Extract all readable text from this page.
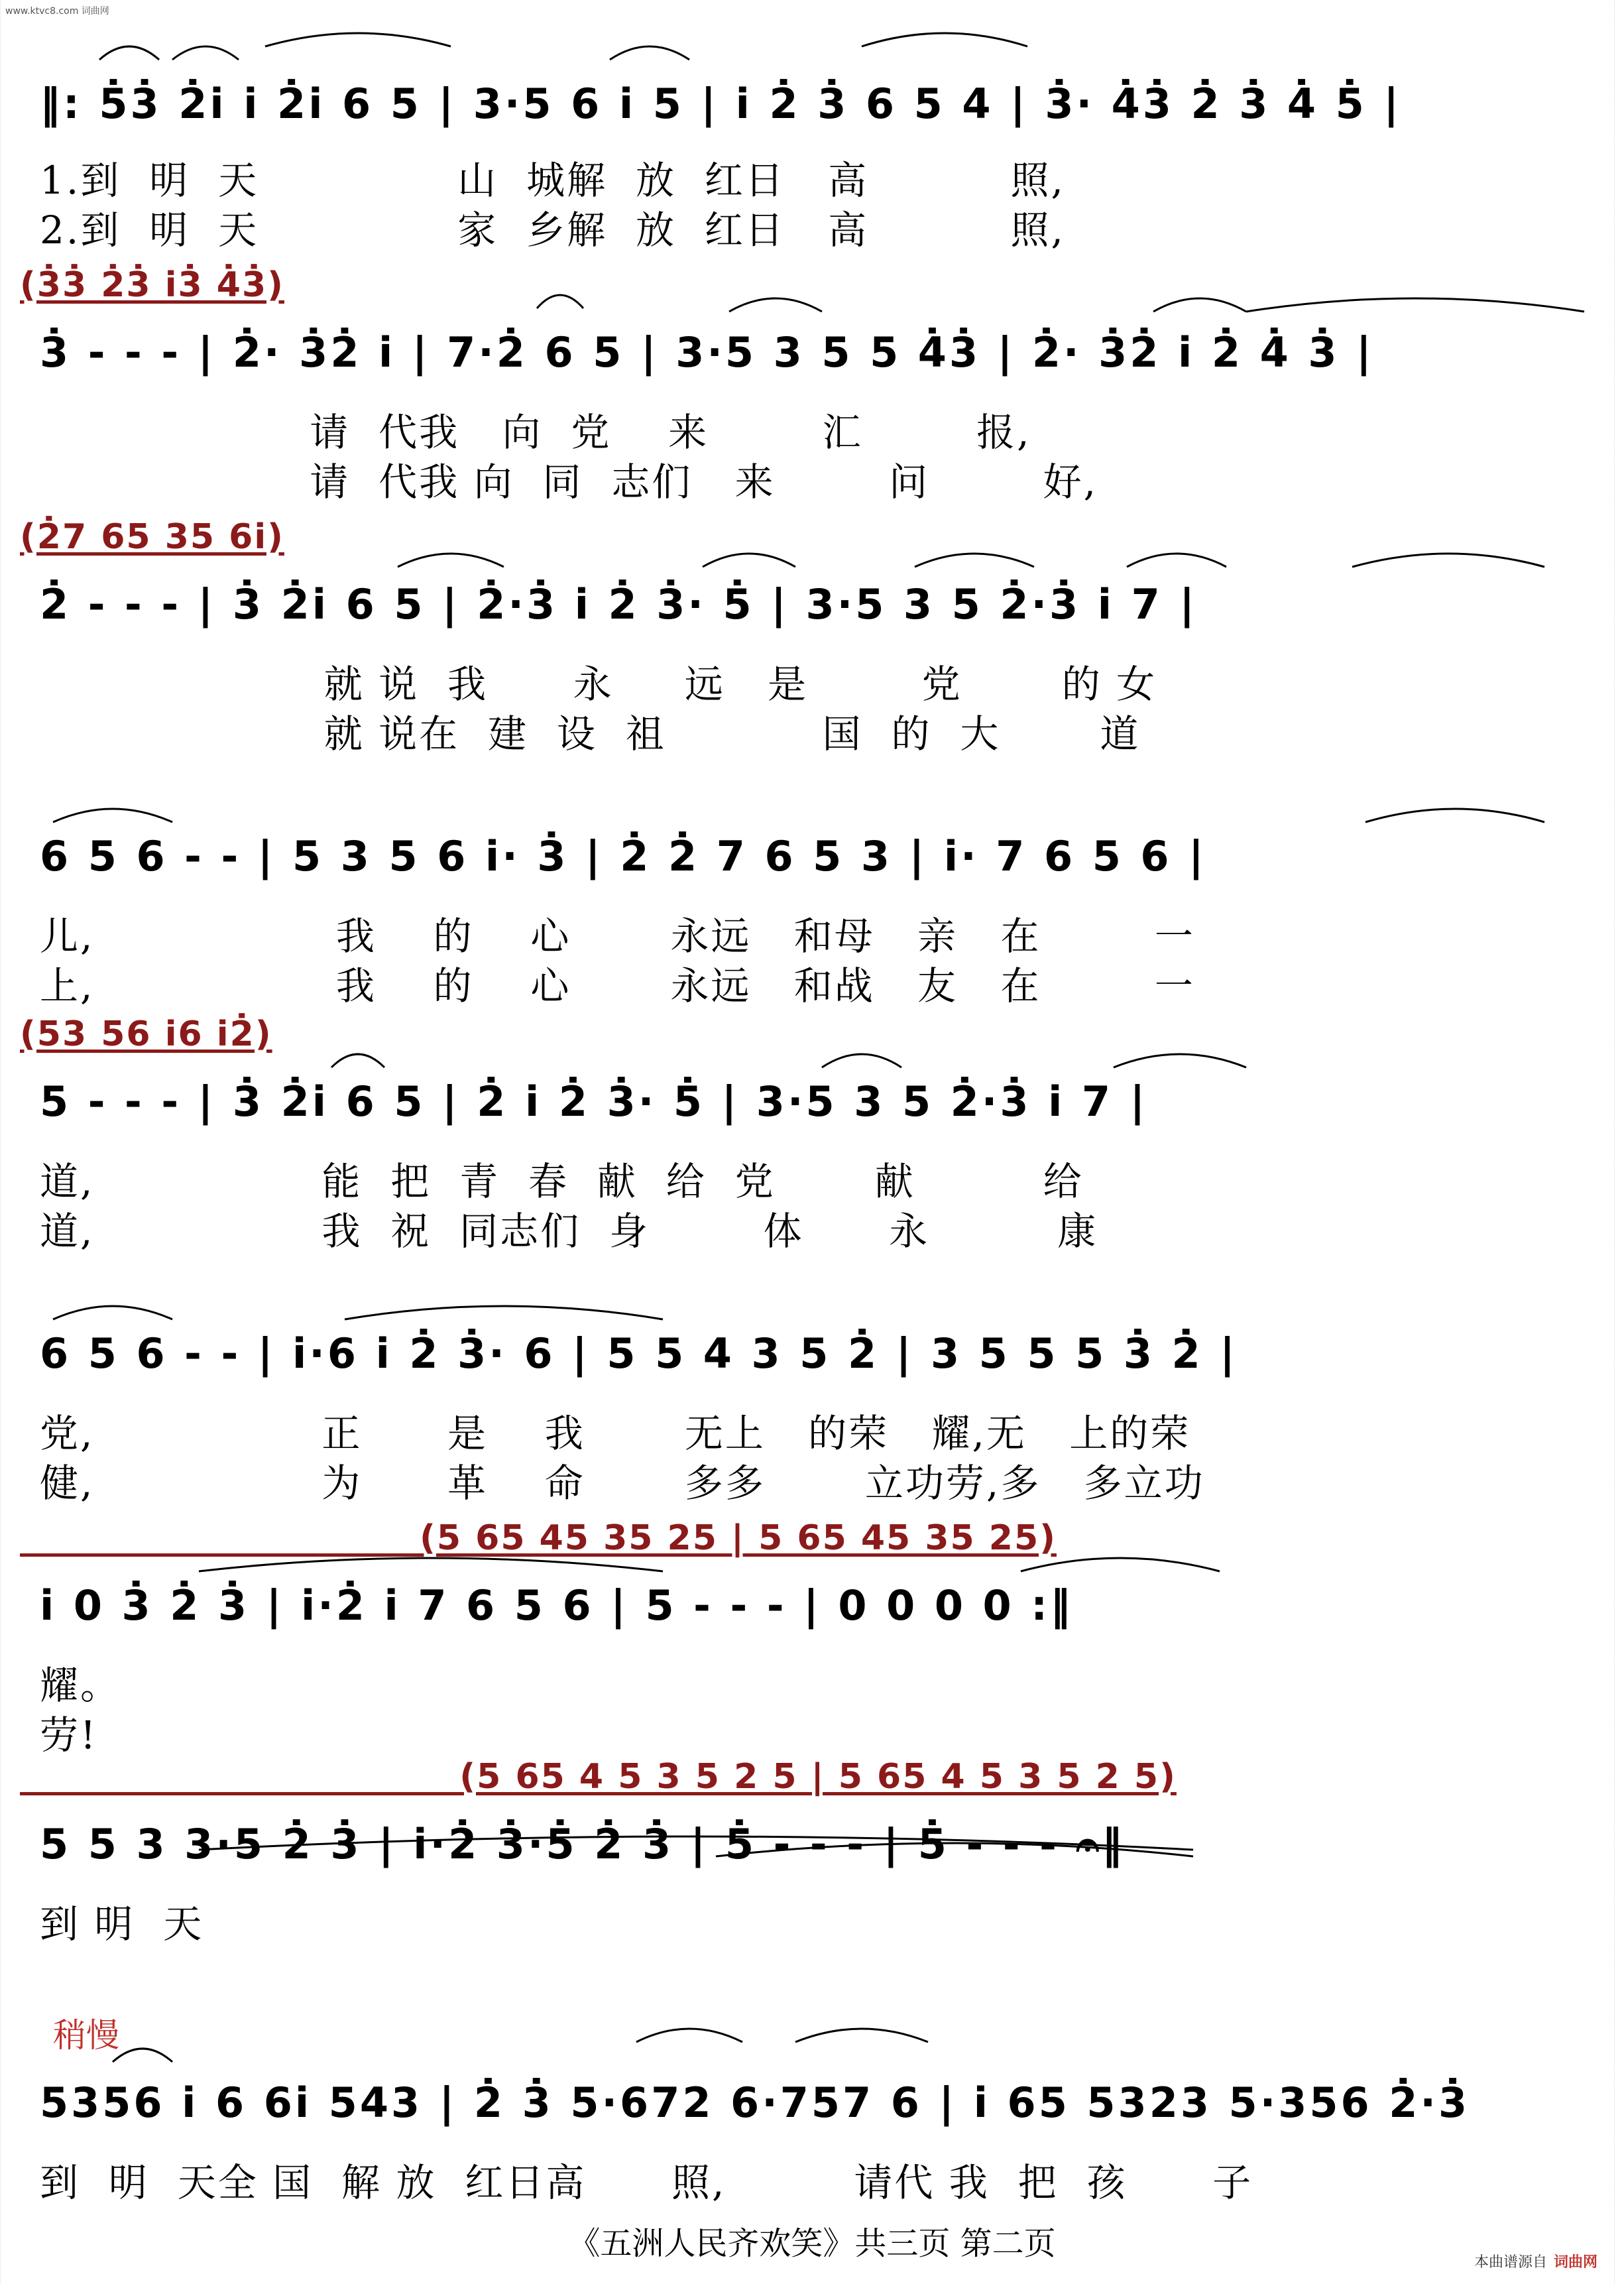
www.ktvc8.com 词曲网
‖: 5̇3̇ 2̇i i 2̇i 6 5 | 3·5 6 i 5 | i 2̇ 3̇ 6 5 4 | 3̇· 4̇3̇ 2̇ 3̇ 4̇ 5̇ |
1.到  明  天              山  城解  放  红日   高          照,
2.到  明  天              家  乡解  放  红日   高          照,
(3̇3̇ 2̇3̇ i3̇ 4̇3̇)
3̇ - - - | 2̇· 3̇2̇ i | 7·2̇ 6 5 | 3·5 3 5 5 4̇3̇ | 2̇· 3̇2̇ i 2̇ 4̇ 3̇ |
请  代我   向  党    来        汇        报,
请  代我 向  同  志们   来        问        好,
(2̇7 65 35 6i)
2̇ - - - | 3̇ 2̇i 6 5 | 2̇·3̇ i 2̇ 3̇· 5̇ | 3·5 3 5 2̇·3̇ i 7 |
就 说  我      永     远   是        党       的 女
就 说在  建  设  祖           国  的  大       道
6 5 6 - - | 5 3 5 6 i· 3̇ | 2̇ 2̇ 7 6 5 3 | i· 7 6 5 6 |
儿,                 我    的    心       永远   和母   亲   在        一
上,                 我    的    心       永远   和战   友   在        一
(53 56 i6 i2̇)
5 - - - | 3̇ 2̇i 6 5 | 2̇ i 2̇ 3̇· 5̇ | 3·5 3 5 2̇·3̇ i 7 |
道,                能  把  青  春  献  给  党       献         给
道,                我  祝  同志们  身        体      永         康
6 5 6 - - | i·6 i 2̇ 3̇· 6 | 5 5 4 3 5 2̇ | 3 5 5 5 3̇ 2̇ |
党,                正      是    我       无上   的荣   耀,无   上的荣
健,                为      革    命       多多       立功劳,多   多立功
(5 65 45 35 25 | 5 65 45 35 25)
i 0 3̇ 2̇ 3̇ | i·2̇ i 7 6 5 6 | 5 - - - | 0 0 0 0 :‖
耀。
劳!
(5 65 4 5 3 5 2 5 | 5 65 4 5 3 5 2 5)
5 5 3 3·5 2̇ 3̇ | i·2̇ 3̇·5̇ 2̇ 3̇ | 5̇ - - - | 5̇ - - - 𝄐‖
到 明  天
5356 i 6 6i 543 | 2̇ 3̇ 5·672 6·757 6 | i 65 5323 5·356 2̇·3̇
到  明  天全 国  解 放  红日高      照,         请代 我  把  孩      子
稍慢
《五洲人民齐欢笑》共三页 第二页
本曲谱源自 词曲网
